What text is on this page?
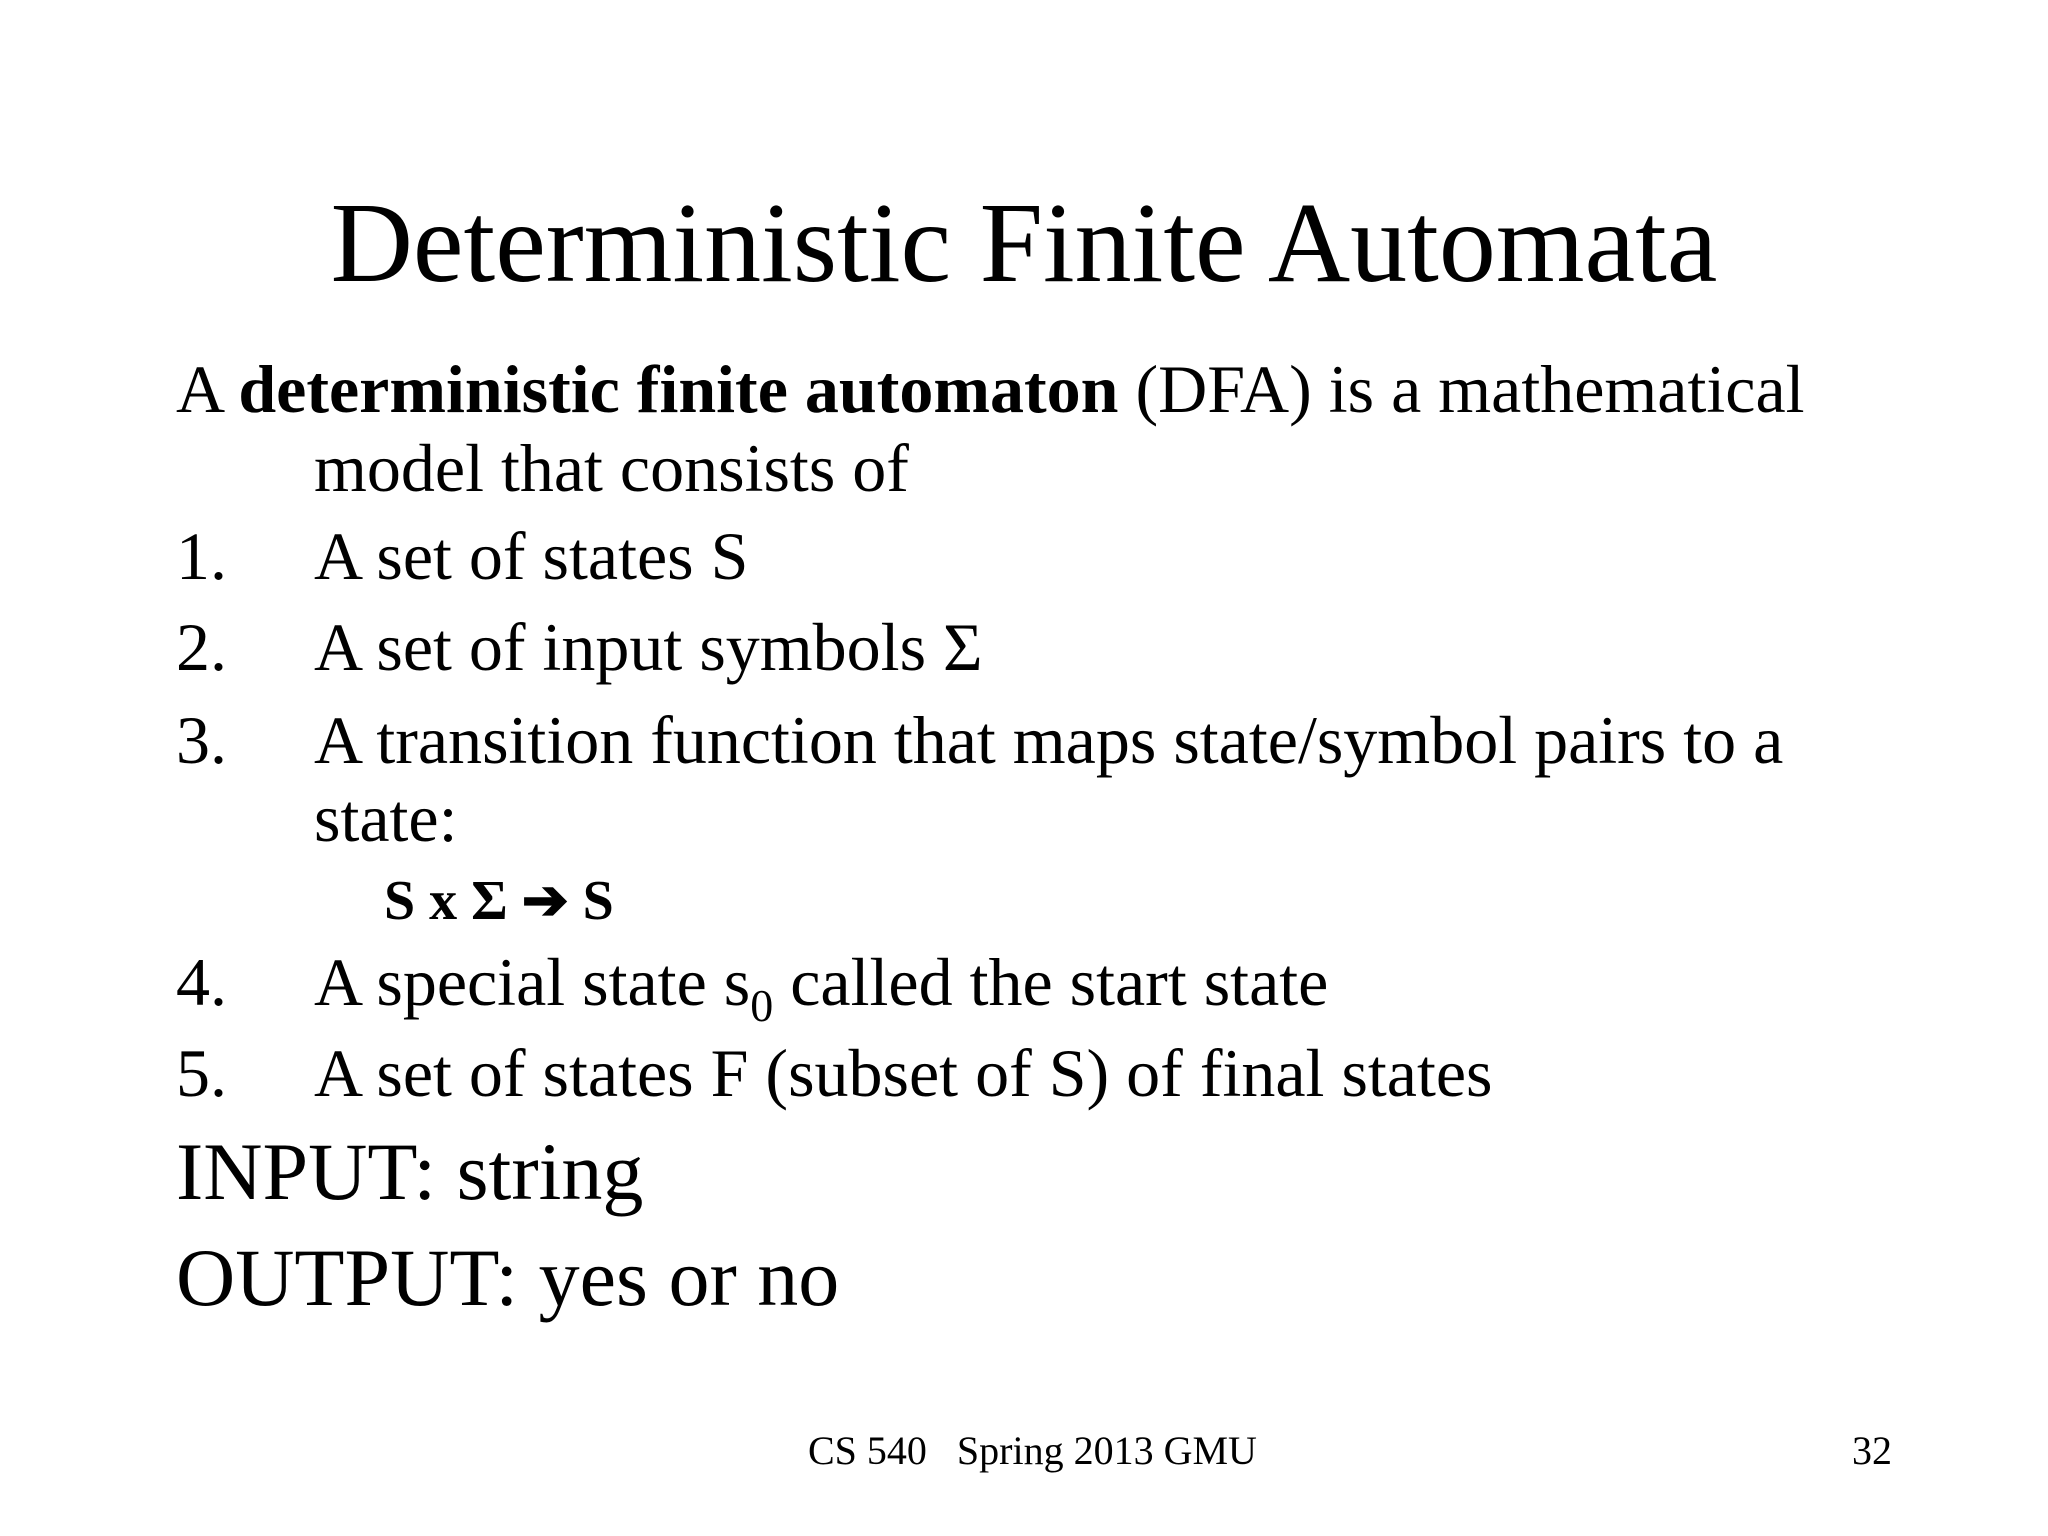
Deterministic Finite Automata
A deterministic finite automaton (DFA) is a mathematical
model that consists of
1. A set of states S
2. A set of input symbols Σ
3. A transition function that maps state/symbol pairs to a
state:
S x Σ ➔ S
4. A special state $s_0$ called the start state
5. A set of states F (subset of S) of final states
INPUT: string
OUTPUT: yes or no
CS 540   Spring 2013 GMU	32
